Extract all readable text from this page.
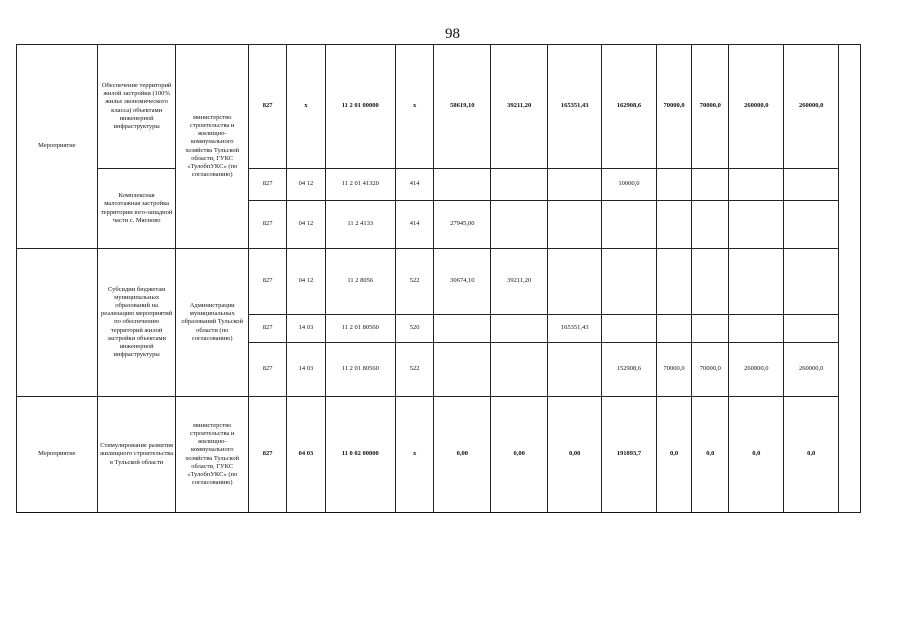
98
Мероприятие	Обеспечение территорий жилой застройки (100% жилье экономического класса) объектами инженерной инфраструктуры	министерство строительства и жилищно-коммунального хозяйства Тульской области, ГУКС «ТулобпУКС» (по согласованию)	827	x	11 2 01 00000	x	58619,10	39211,20	165351,43	162908,6	70000,0	70000,0	260000,0	260000,0	
	Комплексная малоэтажная застройка территории юго-западной части с. Мясново		827	04 12	11 2 01 41320	414				10000,0					
			827	04 12	11 2 4133	414	27945,00								
	Субсидии бюджетам муниципальных образований на реализацию мероприятий по обеспечению территорий жилой застройки объектами инженерной инфраструктуры	Администрации муниципальных образований Тульской области (по согласованию)	827	04 12	11 2 8056	522	30674,10	39211,20							
			827	14 03	11 2 01 80560	520			165351,43						
			827	14 03	11 2 01 80560	522				152908,6	70000,0	70000,0	260000,0	260000,0	
Мероприятие	Стимулирование развития жилищного строительства в Тульской области	министерство строительства и жилищно-коммунального хозяйства Тульской области, ГУКС «ТулобпУКС» (по согласованию)	827	04 03	11 0 02 00000	x	0,00	0,00	0,00	191893,7	0,0	0,0	0,0	0,0	
